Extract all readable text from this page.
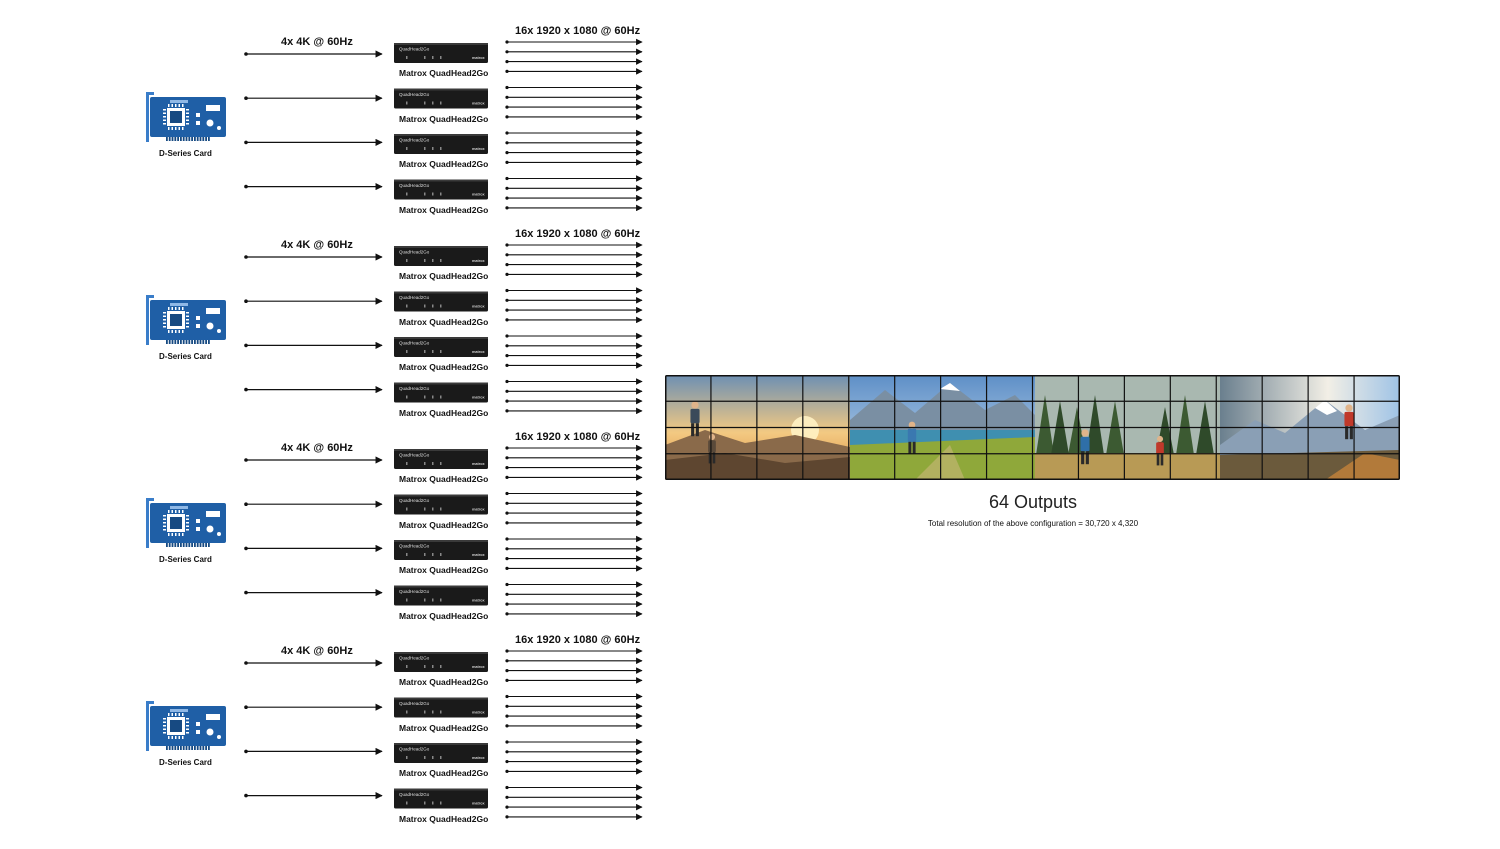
QuadHead2Go
matrox
QuadHead2Go
matrox
QuadHead2Go
matrox
QuadHead2Go
matrox
QuadHead2Go
matrox
QuadHead2Go
matrox
QuadHead2Go
matrox
QuadHead2Go
matrox
QuadHead2Go
matrox
QuadHead2Go
matrox
QuadHead2Go
matrox
QuadHead2Go
matrox
QuadHead2Go
matrox
QuadHead2Go
matrox
QuadHead2Go
matrox
QuadHead2Go
matrox
4x 4K @ 60Hz
16x 1920 x 1080 @ 60Hz
D-Series Card
Matrox QuadHead2Go
Matrox QuadHead2Go
Matrox QuadHead2Go
Matrox QuadHead2Go
4x 4K @ 60Hz
16x 1920 x 1080 @ 60Hz
D-Series Card
Matrox QuadHead2Go
Matrox QuadHead2Go
Matrox QuadHead2Go
Matrox QuadHead2Go
4x 4K @ 60Hz
16x 1920 x 1080 @ 60Hz
D-Series Card
Matrox QuadHead2Go
Matrox QuadHead2Go
Matrox QuadHead2Go
Matrox QuadHead2Go
4x 4K @ 60Hz
16x 1920 x 1080 @ 60Hz
D-Series Card
Matrox QuadHead2Go
Matrox QuadHead2Go
Matrox QuadHead2Go
Matrox QuadHead2Go
64 Outputs
Total resolution of the above configuration = 30,720 x 4,320
